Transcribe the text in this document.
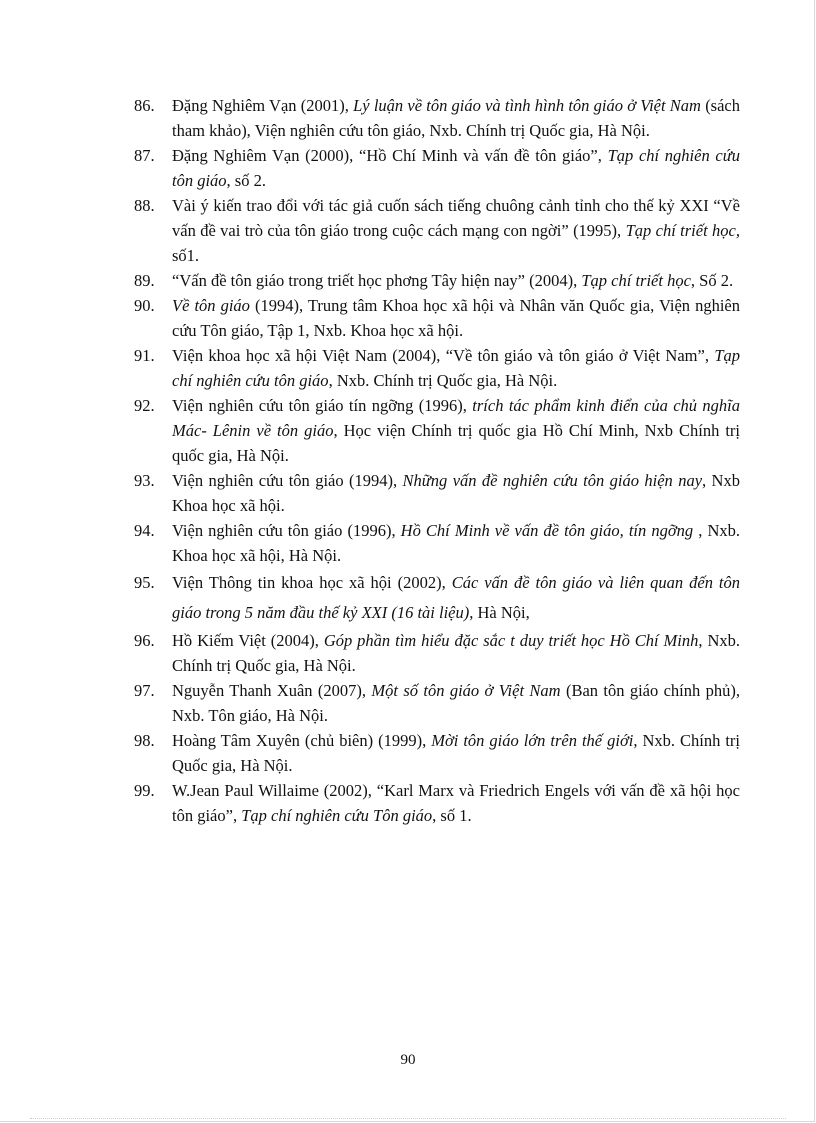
86. Đặng Nghiêm Vạn (2001), Lý luận về tôn giáo và tình hình tôn giáo ở Việt Nam (sách tham khảo), Viện nghiên cứu tôn giáo, Nxb. Chính trị Quốc gia, Hà Nội.
87. Đặng Nghiêm Vạn (2000), “Hồ Chí Minh và vấn đề tôn giáo”, Tạp chí nghiên cứu tôn giáo, số 2.
88. Vài ý kiến trao đổi với tác giả cuốn sách tiếng chuông cảnh tỉnh cho thế kỷ XXI “Về vấn đề vai trò của tôn giáo trong cuộc cách mạng con ngời” (1995), Tạp chí triết học, số1.
89. “Vấn đề tôn giáo trong triết học phơng Tây hiện nay” (2004), Tạp chí triết học, Số 2.
90. Về tôn giáo (1994), Trung tâm Khoa học xã hội và Nhân văn Quốc gia, Viện nghiên cứu Tôn giáo, Tập 1, Nxb. Khoa học xã hội.
91. Viện khoa học xã hội Việt Nam (2004), “Về tôn giáo và tôn giáo ở Việt Nam”, Tạp chí nghiên cứu tôn giáo, Nxb. Chính trị Quốc gia, Hà Nội.
92. Viện nghiên cứu tôn giáo tín ngỡng (1996), trích tác phẩm kinh điển của chủ nghĩa Mác- Lênin về tôn giáo, Học viện Chính trị quốc gia Hồ Chí Minh, Nxb Chính trị quốc gia, Hà Nội.
93. Viện nghiên cứu tôn giáo (1994), Những vấn đề nghiên cứu tôn giáo hiện nay, Nxb Khoa học xã hội.
94. Viện nghiên cứu tôn giáo (1996), Hồ Chí Minh về vấn đề tôn giáo, tín ngỡng , Nxb. Khoa học xã hội, Hà Nội.
95. Viện Thông tin khoa học xã hội (2002), Các vấn đề tôn giáo và liên quan đến tôn giáo trong 5 năm đầu thế kỷ XXI (16 tài liệu), Hà Nội,
96. Hồ Kiếm Việt (2004), Góp phần tìm hiểu đặc sắc t duy triết học Hồ Chí Minh, Nxb. Chính trị Quốc gia, Hà Nội.
97. Nguyễn Thanh Xuân (2007), Một số tôn giáo ở Việt Nam (Ban tôn giáo chính phủ), Nxb. Tôn giáo, Hà Nội.
98. Hoàng Tâm Xuyên (chủ biên) (1999), Mời tôn giáo lớn trên thế giới, Nxb. Chính trị Quốc gia, Hà Nội.
99. W.Jean Paul Willaime (2002), “Karl Marx và Friedrich Engels với vấn đề xã hội học tôn giáo”, Tạp chí nghiên cứu Tôn giáo, số 1.
90
